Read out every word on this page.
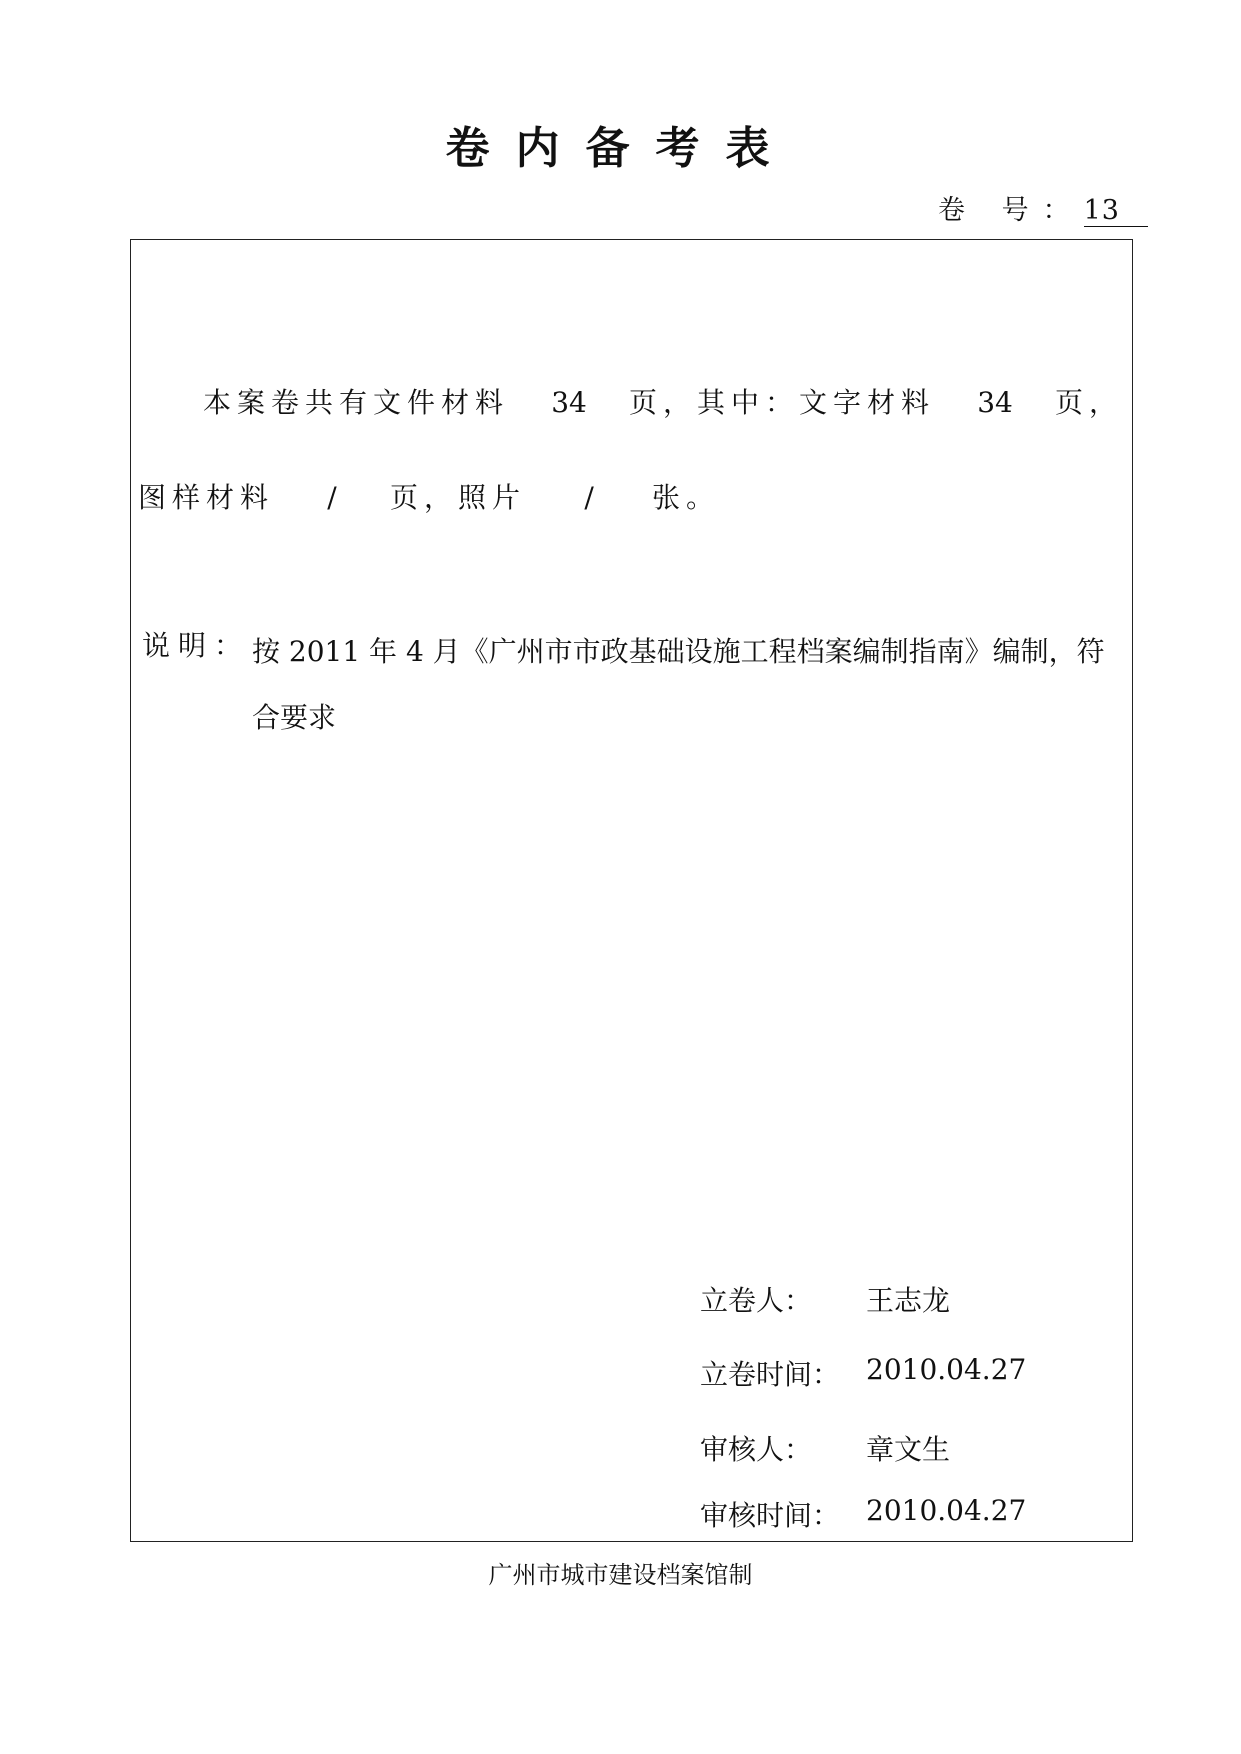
卷内备考表
卷 号：13
本案卷共有文件材料 34 页，其中：文字材料 34 页，
图样材料 / 页，照片 / 张。
说明： 按 2011 年 4 月《广州市市政基础设施工程档案编制指南》编制，符合要求
立卷人： 王志龙
立卷时间： 2010.04.27
审核人： 章文生
审核时间： 2010.04.27
广州市城市建设档案馆制
